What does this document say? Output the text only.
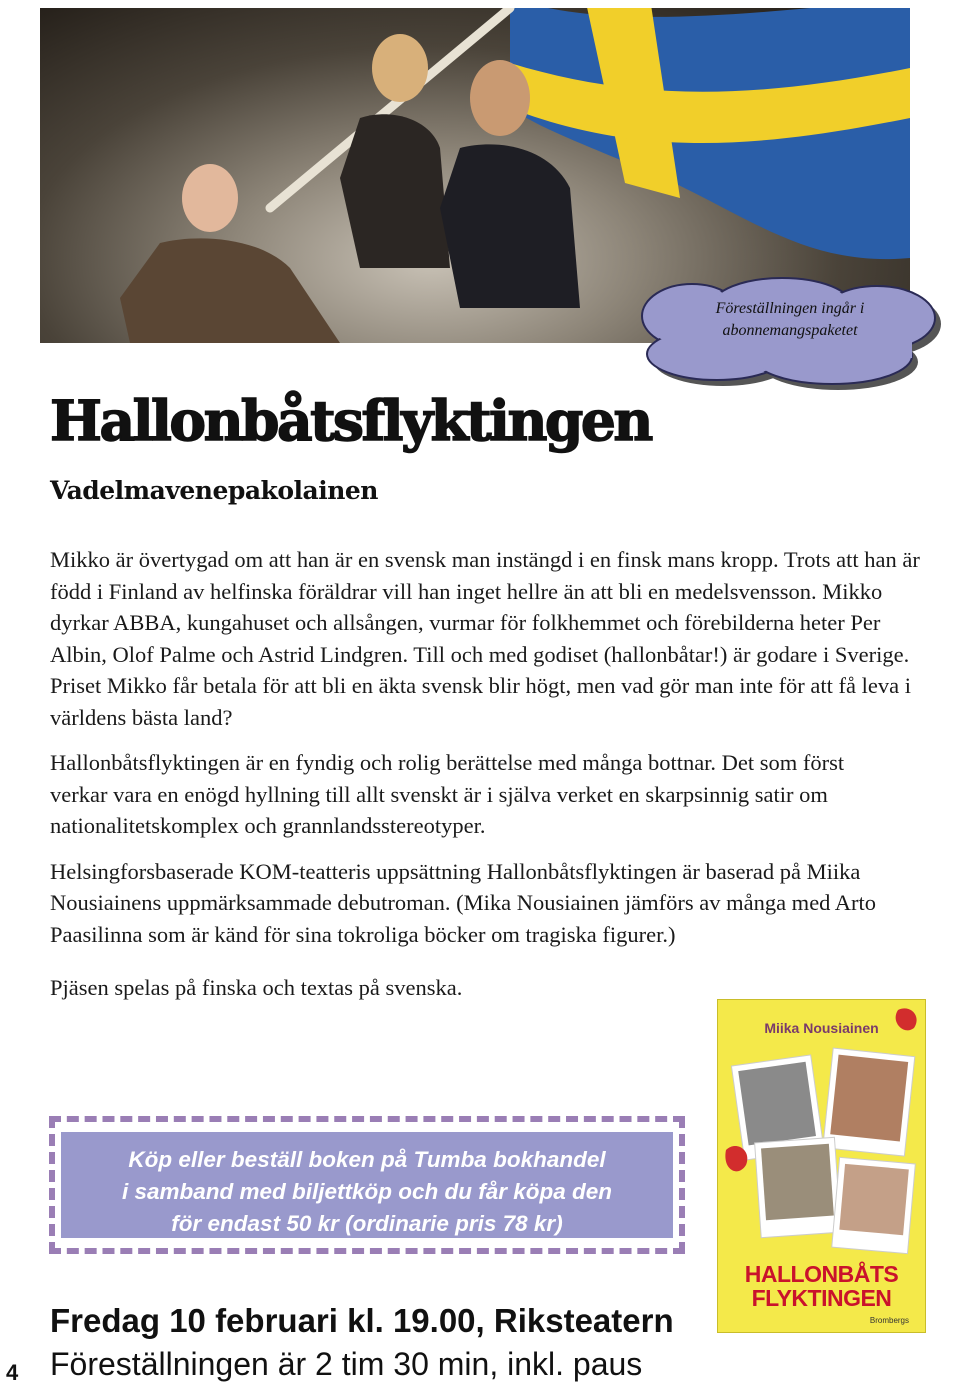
Föreställningen ingår i
abonnemangspaketet
Hallonbåtsflyktingen
Vadelmavenepakolainen

Mikko är övertygad om att han är en svensk man instängd i en finsk mans kropp. Trots att han är född i Finland av helfinska föräldrar vill han inget hellre än att bli en medelsvensson. Mikko dyrkar ABBA, kungahuset och allsången, vurmar för folkhemmet och förebilderna heter Per Albin, Olof Palme och Astrid Lindgren. Till och med godiset (hallonbåtar!) är godare i Sverige. Priset Mikko får betala för att bli en äkta svensk blir högt, men vad gör man inte för att få leva i världens bästa land?

Hallonbåtsflyktingen är en fyndig och rolig berättelse med många bottnar. Det som först verkar vara en enögd hyllning till allt svenskt är i själva verket en skarpsinnig satir om nationalitetskomplex och grannlandsstereotyper.

Helsingforsbaserade KOM-teatteris uppsättning Hallonbåtsflyktingen är baserad på Miika Nousiainens uppmärksammade debutroman. (Mika Nousiainen jämförs av många med Arto Paasilinna som är känd för sina tokroliga böcker om tragiska figurer.)

Pjäsen spelas på finska och textas på svenska.

Miika Nousiainen
HALLONBÅTS
FLYKTINGEN
Brombergs
Köp eller beställ boken på Tumba bokhandel
i samband med biljettköp och du får köpa den
för endast 50 kr (ordinarie pris 78 kr)

Fredag 10 februari kl. 19.00, Riksteatern

Föreställningen är 2 tim 30 min, inkl. paus

4
